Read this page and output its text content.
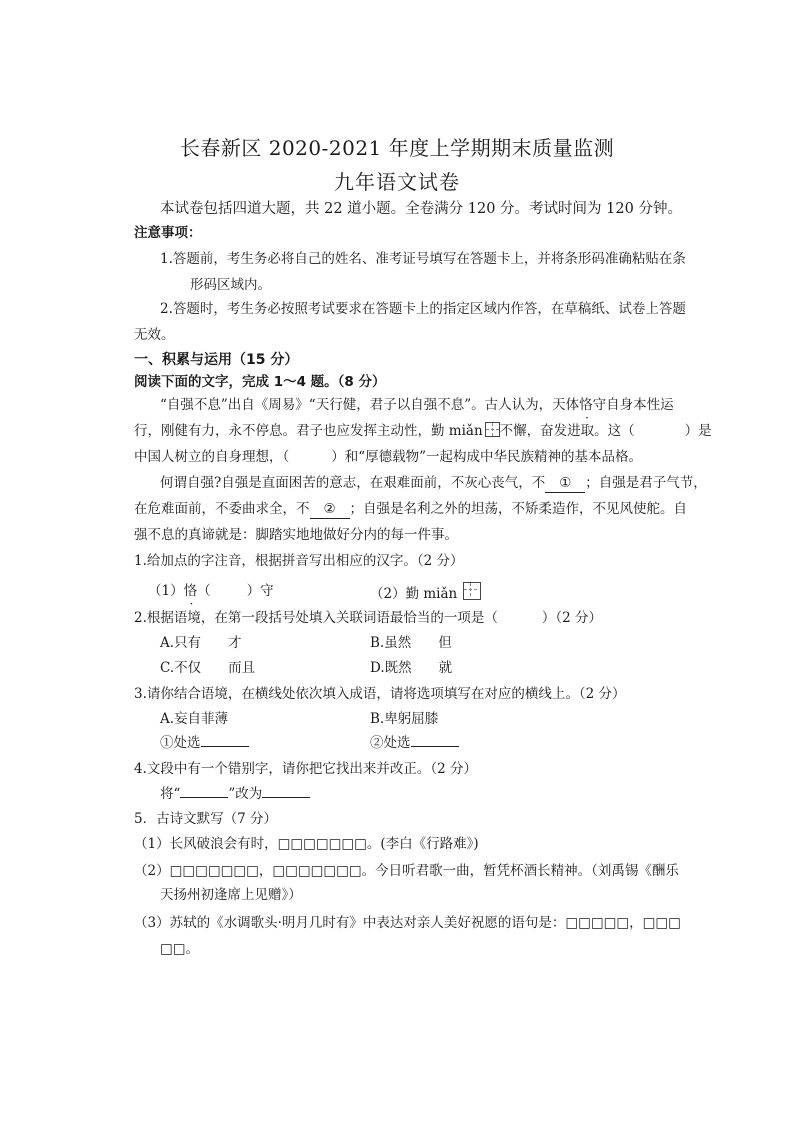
长春新区 2020-2021 年度上学期期末质量监测
九年语文试卷
本试卷包括四道大题，共 22 道小题。全卷满分 120 分。考试时间为 120 分钟。
注意事项：
1.答题前，考生务必将自己的姓名、准考证号填写在答题卡上，并将条形码准确粘贴在条
形码区域内。
2.答题时，考生务必按照考试要求在答题卡上的指定区域内作答，在草稿纸、试卷上答题
无效。
一、积累与运用（15 分）
阅读下面的文字，完成 1～4 题。（8 分）
“自强不息”出自《周易》“天行健，君子以自强不息”。古人认为，天体恪守自身本性运
行，刚健有力，永不停息。君子也应发挥主动性，勤 miǎn 不懈，奋发进取。这（	）是
中国人树立的自身理想，（	）和“厚德载物”一起构成中华民族精神的基本品格。
何谓自强?自强是直面困苦的意志，在艰难面前，不灰心丧气，不 ① ；自强是君子气节，
在危难面前，不委曲求全，不 ② ；自强是名利之外的坦荡，不矫柔造作，不见风使舵。自
强不息的真谛就是：脚踏实地地做好分内的每一件事。
1.给加点的字注音，根据拼音写出相应的汉字。（2 分）
（1）恪（	）守	（2）勤 miǎn
2.根据语境，在第一段括号处填入关联词语最恰当的一项是（	）（2 分）
A.只有　　才	B.虽然　　但
C.不仅　　而且	D.既然　　就
3.请你结合语境，在横线处依次填入成语，请将选项填写在对应的横线上。（2 分）
A.妄自菲薄	B.卑躬屈膝
①处选	②处选
4.文段中有一个错别字，请你把它找出来并改正。（2 分）
将“	”改为
5．古诗文默写（7 分）
（1）长风破浪会有时，□□□□□□□。(李白《行路难》)
（2）□□□□□□□，□□□□□□□。今日听君歌一曲，暂凭杯酒长精神。（刘禹锡《酬乐
天扬州初逢席上见赠》）
（3）苏轼的《水调歌头·明月几时有》中表达对亲人美好祝愿的语句是：□□□□□，□□□
□□。
